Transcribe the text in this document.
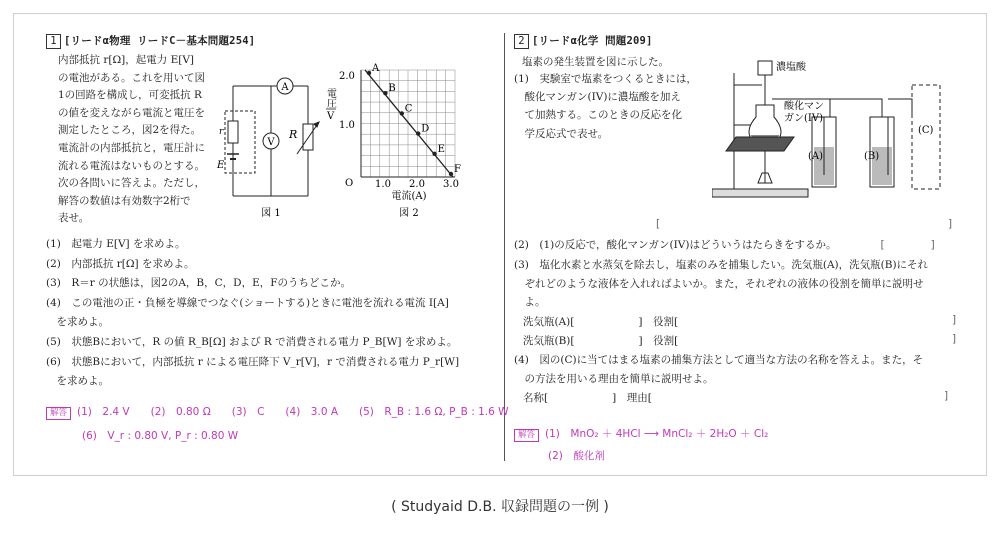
1 [リードα物理 リードC－基本問題254]
内部抵抗 r[Ω]，起電力 E[V]
の電池がある。これを用いて図
1の回路を構成し，可変抵抗 R
の値を変えながら電流と電圧を
測定したところ，図2を得た。
電流計の内部抵抗と，電圧計に
流れる電流はないものとする。
次の各問いに答えよ。ただし，
解答の数値は有効数字2桁で
表せ。
A
V
R
r
E
図 1
A
B
C
D
E
F
電圧
V
2.0
1.0
O 1.0 2.0 3.0
電流(A)
図 2
(1)　起電力 E[V] を求めよ。
(2)　内部抵抗 r[Ω] を求めよ。
(3)　R＝r の状態は，図2のA，B，C，D，E，Fのうちどこか。
(4)　この電池の正・負極を導線でつなぐ(ショートする)ときに電池を流れる電流 I[A]
　を求めよ。
(5)　状態Bにおいて，R の値 R_B[Ω] および R で消費される電力 P_B[W] を求めよ。
(6)　状態Bにおいて，内部抵抗 r による電圧降下 V_r[V]，r で消費される電力 P_r[W]
　を求めよ。
解答 (1)　2.4 V　　(2)　0.80 Ω　　(3)　C　　(4)　3.0 A　　(5)　R_B : 1.6 Ω, P_B : 1.6 W
(6)　V_r : 0.80 V, P_r : 0.80 W
2 [リードα化学 問題209]
塩素の発生装置を図に示した。
(1)　実験室で塩素をつくるときには，
　酸化マンガン(IV)に濃塩酸を加え
　て加熱する。このときの反応を化
　学反応式で表せ。
濃塩酸
酸化マン
ガン(IV)
(A)	(B)
(C)
[	]
(2)　(1)の反応で，酸化マンガン(IV)はどういうはたらきをするか。	[	]
(3)　塩化水素と水蒸気を除去し，塩素のみを捕集したい。洗気瓶(A)，洗気瓶(B)にそれ
　ぞれどのような液体を入れればよいか。また，それぞれの液体の役割を簡単に説明せ
　よ。
洗気瓶(A)[	]　役割[	]
洗気瓶(B)[	]　役割[	]
(4)　図の(C)に当てはまる塩素の捕集方法として適当な方法の名称を答えよ。また，そ
　の方法を用いる理由を簡単に説明せよ。
名称[	]　理由[	]
解答 (1)　MnO₂ ＋ 4HCl ⟶ MnCl₂ ＋ 2H₂O ＋ Cl₂
(2)　酸化剤
( Studyaid D.B. 収録問題の一例 )
